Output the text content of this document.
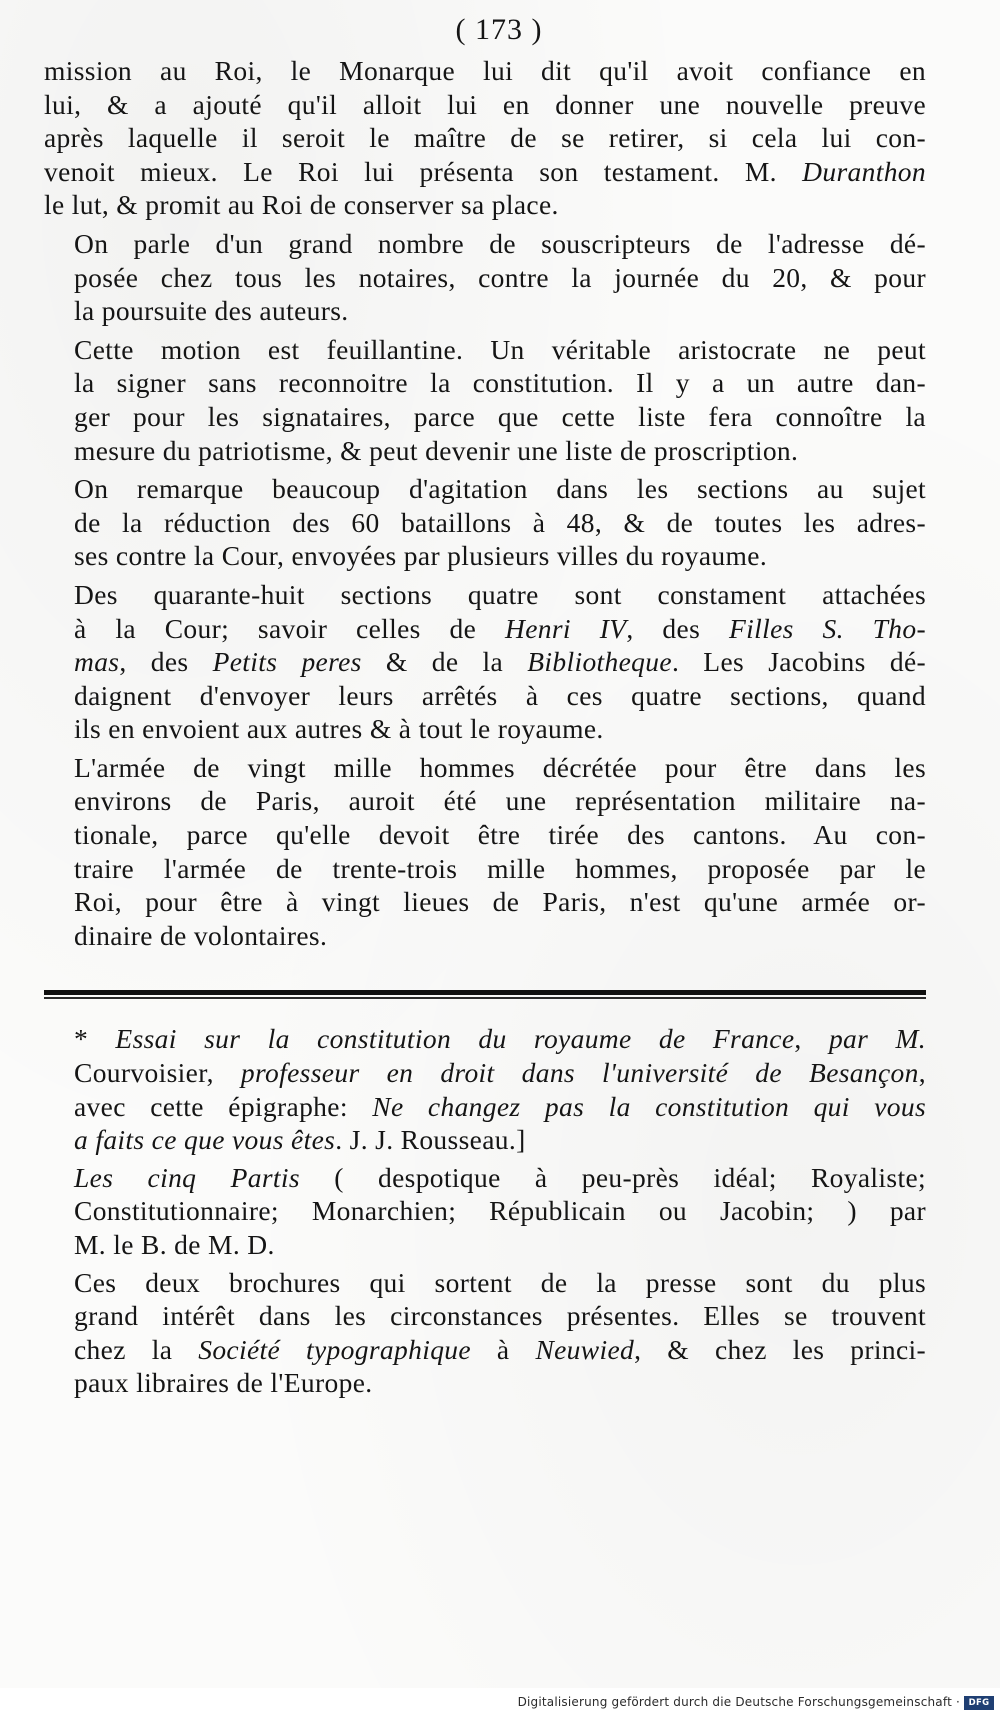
( 173 )
mission au Roi, le Monarque lui dit qu'il avoit confiance en
lui, & a ajouté qu'il alloit lui en donner une nouvelle preuve
après laquelle il seroit le maître de se retirer, si cela lui con-
venoit mieux. Le Roi lui présenta son testament. M. Duranthon
le lut, & promit au Roi de conserver sa place.
On parle d'un grand nombre de souscripteurs de l'adresse dé-
posée chez tous les notaires, contre la journée du 20, & pour
la poursuite des auteurs.
Cette motion est feuillantine. Un véritable aristocrate ne peut
la signer sans reconnoitre la constitution. Il y a un autre dan-
ger pour les signataires, parce que cette liste fera connoître la
mesure du patriotisme, & peut devenir une liste de proscription.
On remarque beaucoup d'agitation dans les sections au sujet
de la réduction des 60 bataillons à 48, & de toutes les adres-
ses contre la Cour, envoyées par plusieurs villes du royaume.
Des quarante-huit sections quatre sont constament attachées
à la Cour; savoir celles de Henri IV, des Filles S. Tho-
mas, des Petits peres & de la Bibliotheque. Les Jacobins dé-
daignent d'envoyer leurs arrêtés à ces quatre sections, quand
ils en envoient aux autres & à tout le royaume.
L'armée de vingt mille hommes décrétée pour être dans les
environs de Paris, auroit été une représentation militaire na-
tionale, parce qu'elle devoit être tirée des cantons. Au con-
traire l'armée de trente-trois mille hommes, proposée par le
Roi, pour être à vingt lieues de Paris, n'est qu'une armée or-
dinaire de volontaires.
* Essai sur la constitution du royaume de France, par M.
Courvoisier, professeur en droit dans l'université de Besançon,
avec cette épigraphe: Ne changez pas la constitution qui vous
a faits ce que vous êtes. J. J. Rousseau.]
Les cinq Partis ( despotique à peu-près idéal; Royaliste;
Constitutionnaire; Monarchien; Républicain ou Jacobin; ) par
M. le B. de M. D.
Ces deux brochures qui sortent de la presse sont du plus
grand intérêt dans les circonstances présentes. Elles se trouvent
chez la Société typographique à Neuwied, & chez les princi-
paux libraires de l'Europe.
Digitalisierung gefördert durch die Deutsche Forschungsgemeinschaft ·	DFG
